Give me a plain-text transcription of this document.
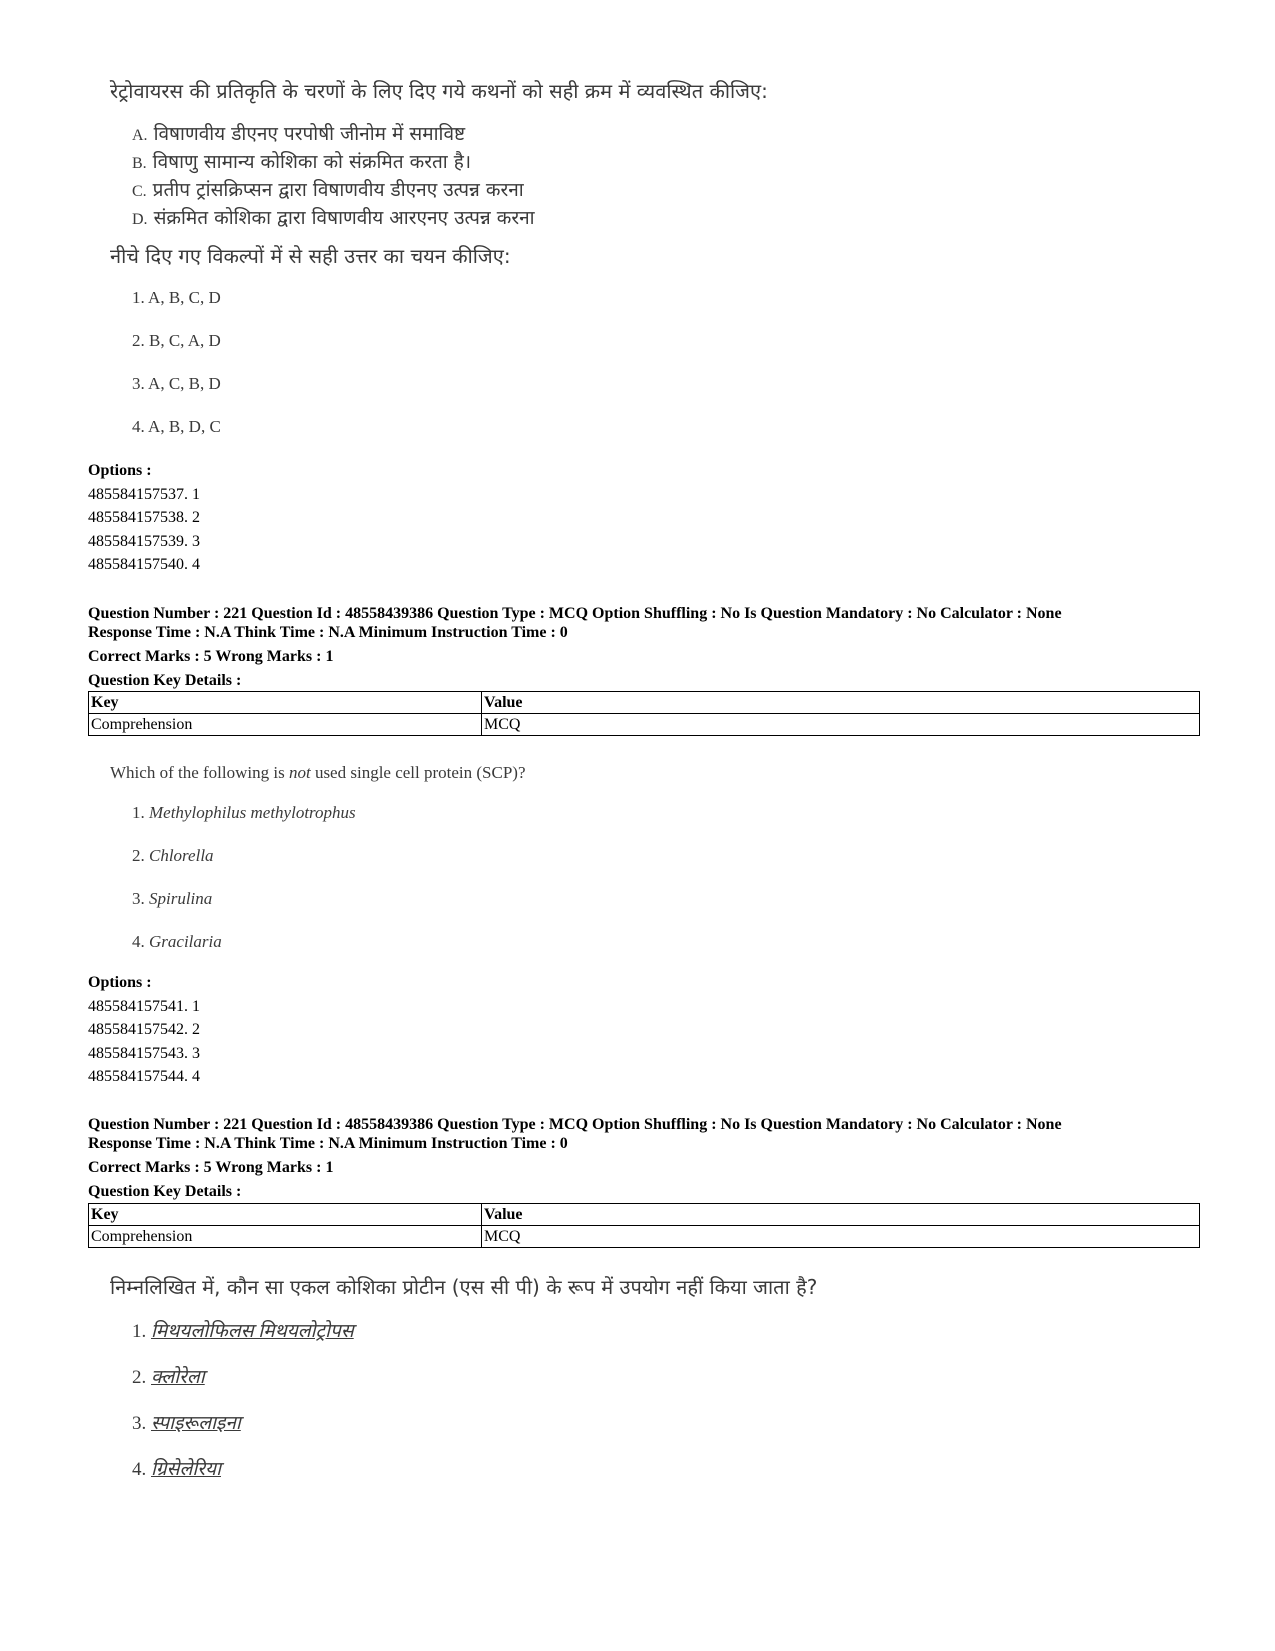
रेट्रोवायरस की प्रतिकृति के चरणों के लिए दिए गये कथनों को सही क्रम में व्यवस्थित कीजिए:

A. विषाणवीय डीएनए परपोषी जीनोम में समाविष्ट

B. विषाणु सामान्य कोशिका को संक्रमित करता है।

C. प्रतीप ट्रांसक्रिप्सन द्वारा विषाणवीय डीएनए उत्पन्न करना

D. संक्रमित कोशिका द्वारा विषाणवीय आरएनए उत्पन्न करना

नीचे दिए गए विकल्पों में से सही उत्तर का चयन कीजिए:

1. A, B, C, D
2. B, C, A, D
3. A, C, B, D
4. A, B, D, C
Options :
485584157537. 1
485584157538. 2
485584157539. 3
485584157540. 4
Question Number : 221 Question Id : 48558439386 Question Type : MCQ Option Shuffling : No Is Question Mandatory : No Calculator : None
Response Time : N.A Think Time : N.A Minimum Instruction Time : 0
Correct Marks : 5 Wrong Marks : 1
Question Key Details :
Key	Value
Comprehension	MCQ

Which of the following is not used single cell protein (SCP)?

1. Methylophilus methylotrophus
2. Chlorella
3. Spirulina
4. Gracilaria
Options :
485584157541. 1
485584157542. 2
485584157543. 3
485584157544. 4
Question Number : 221 Question Id : 48558439386 Question Type : MCQ Option Shuffling : No Is Question Mandatory : No Calculator : None
Response Time : N.A Think Time : N.A Minimum Instruction Time : 0
Correct Marks : 5 Wrong Marks : 1
Question Key Details :
Key	Value
Comprehension	MCQ

निम्नलिखित में, कौन सा एकल कोशिका प्रोटीन (एस सी पी) के रूप में उपयोग नहीं किया जाता है?

1. मिथयलोफिलस मिथयलोट्रोपस
2. क्लोरेला
3. स्पाइरूलाइना
4. ग्रिसेलेरिया
